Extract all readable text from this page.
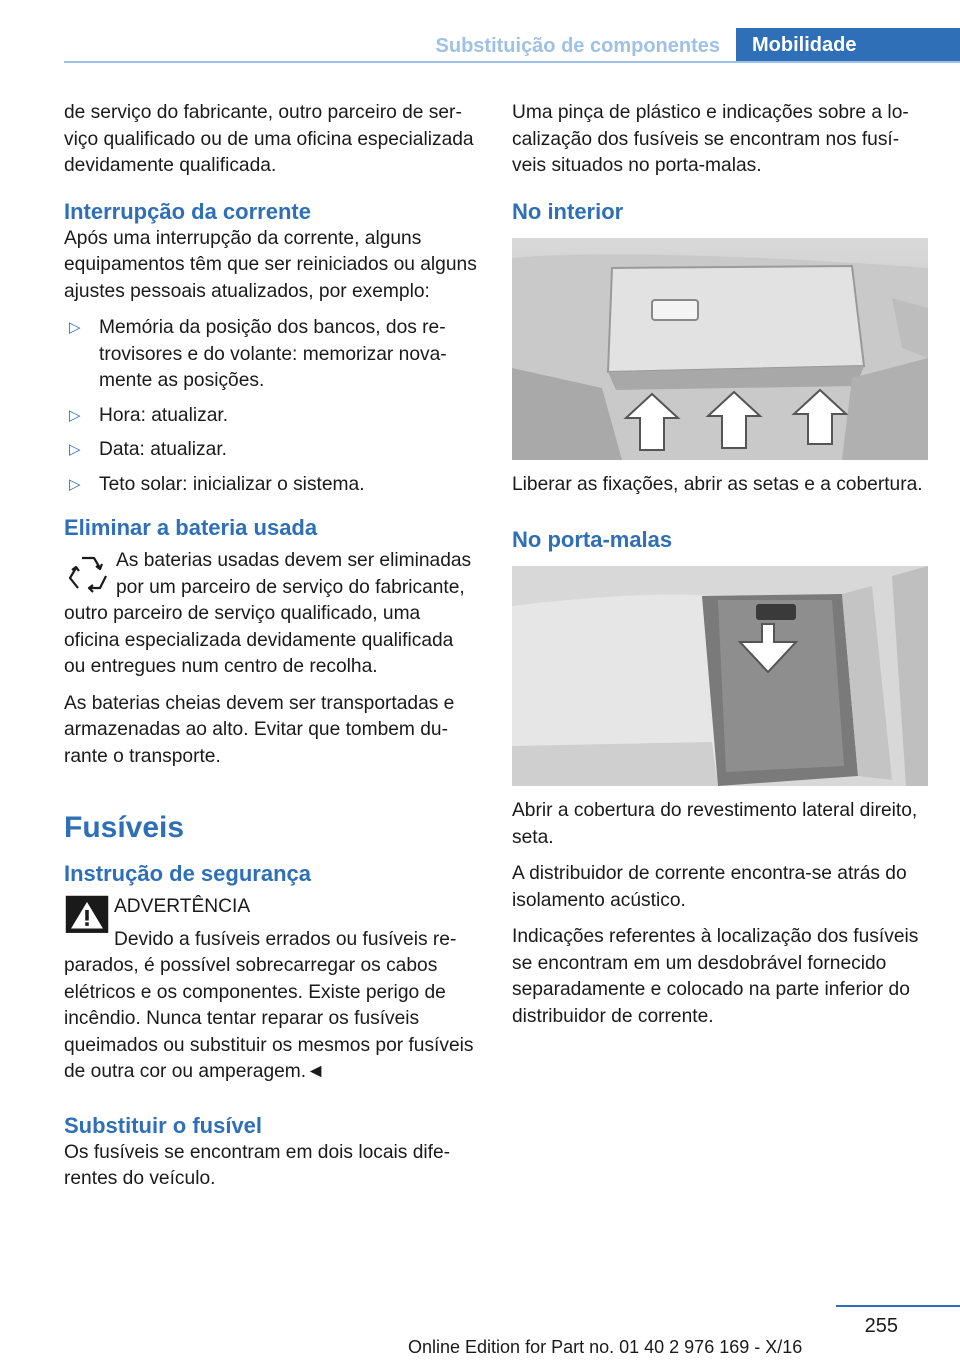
Substituição de componentes	Mobilidade

de serviço do fabricante, outro parceiro de serviço qualificado ou de uma oficina especializada devidamente qualificada.

Interrupção da corrente

Após uma interrupção da corrente, alguns equipamentos têm que ser reiniciados ou alguns ajustes pessoais atualizados, por exemplo:

▷ Memória da posição dos bancos, dos retrovisores e do volante: memorizar novamente as posições.
▷ Hora: atualizar.
▷ Data: atualizar.
▷ Teto solar: inicializar o sistema.
Eliminar a bateria usada

As baterias usadas devem ser eliminadas por um parceiro de serviço do fabricante, outro parceiro de serviço qualificado, uma oficina especializada devidamente qualificada ou entregues num centro de recolha.

As baterias cheias devem ser transportadas e armazenadas ao alto. Evitar que tombem durante o transporte.

Fusíveis
Instrução de segurança
ADVERTÊNCIA

Devido a fusíveis errados ou fusíveis reparados, é possível sobrecarregar os cabos elétricos e os componentes. Existe perigo de incêndio. Nunca tentar reparar os fusíveis queimados ou substituir os mesmos por fusíveis de outra cor ou amperagem.◄

Substituir o fusível

Os fusíveis se encontram em dois locais diferentes do veículo.

Uma pinça de plástico e indicações sobre a localização dos fusíveis se encontram nos fusíveis situados no porta-malas.

No interior

Liberar as fixações, abrir as setas e a cobertura.

No porta-malas

Abrir a cobertura do revestimento lateral direito, seta.

A distribuidor de corrente encontra-se atrás do isolamento acústico.

Indicações referentes à localização dos fusíveis se encontram em um desdobrável fornecido separadamente e colocado na parte inferior do distribuidor de corrente.

255
Online Edition for Part no. 01 40 2 976 169 - X/16
